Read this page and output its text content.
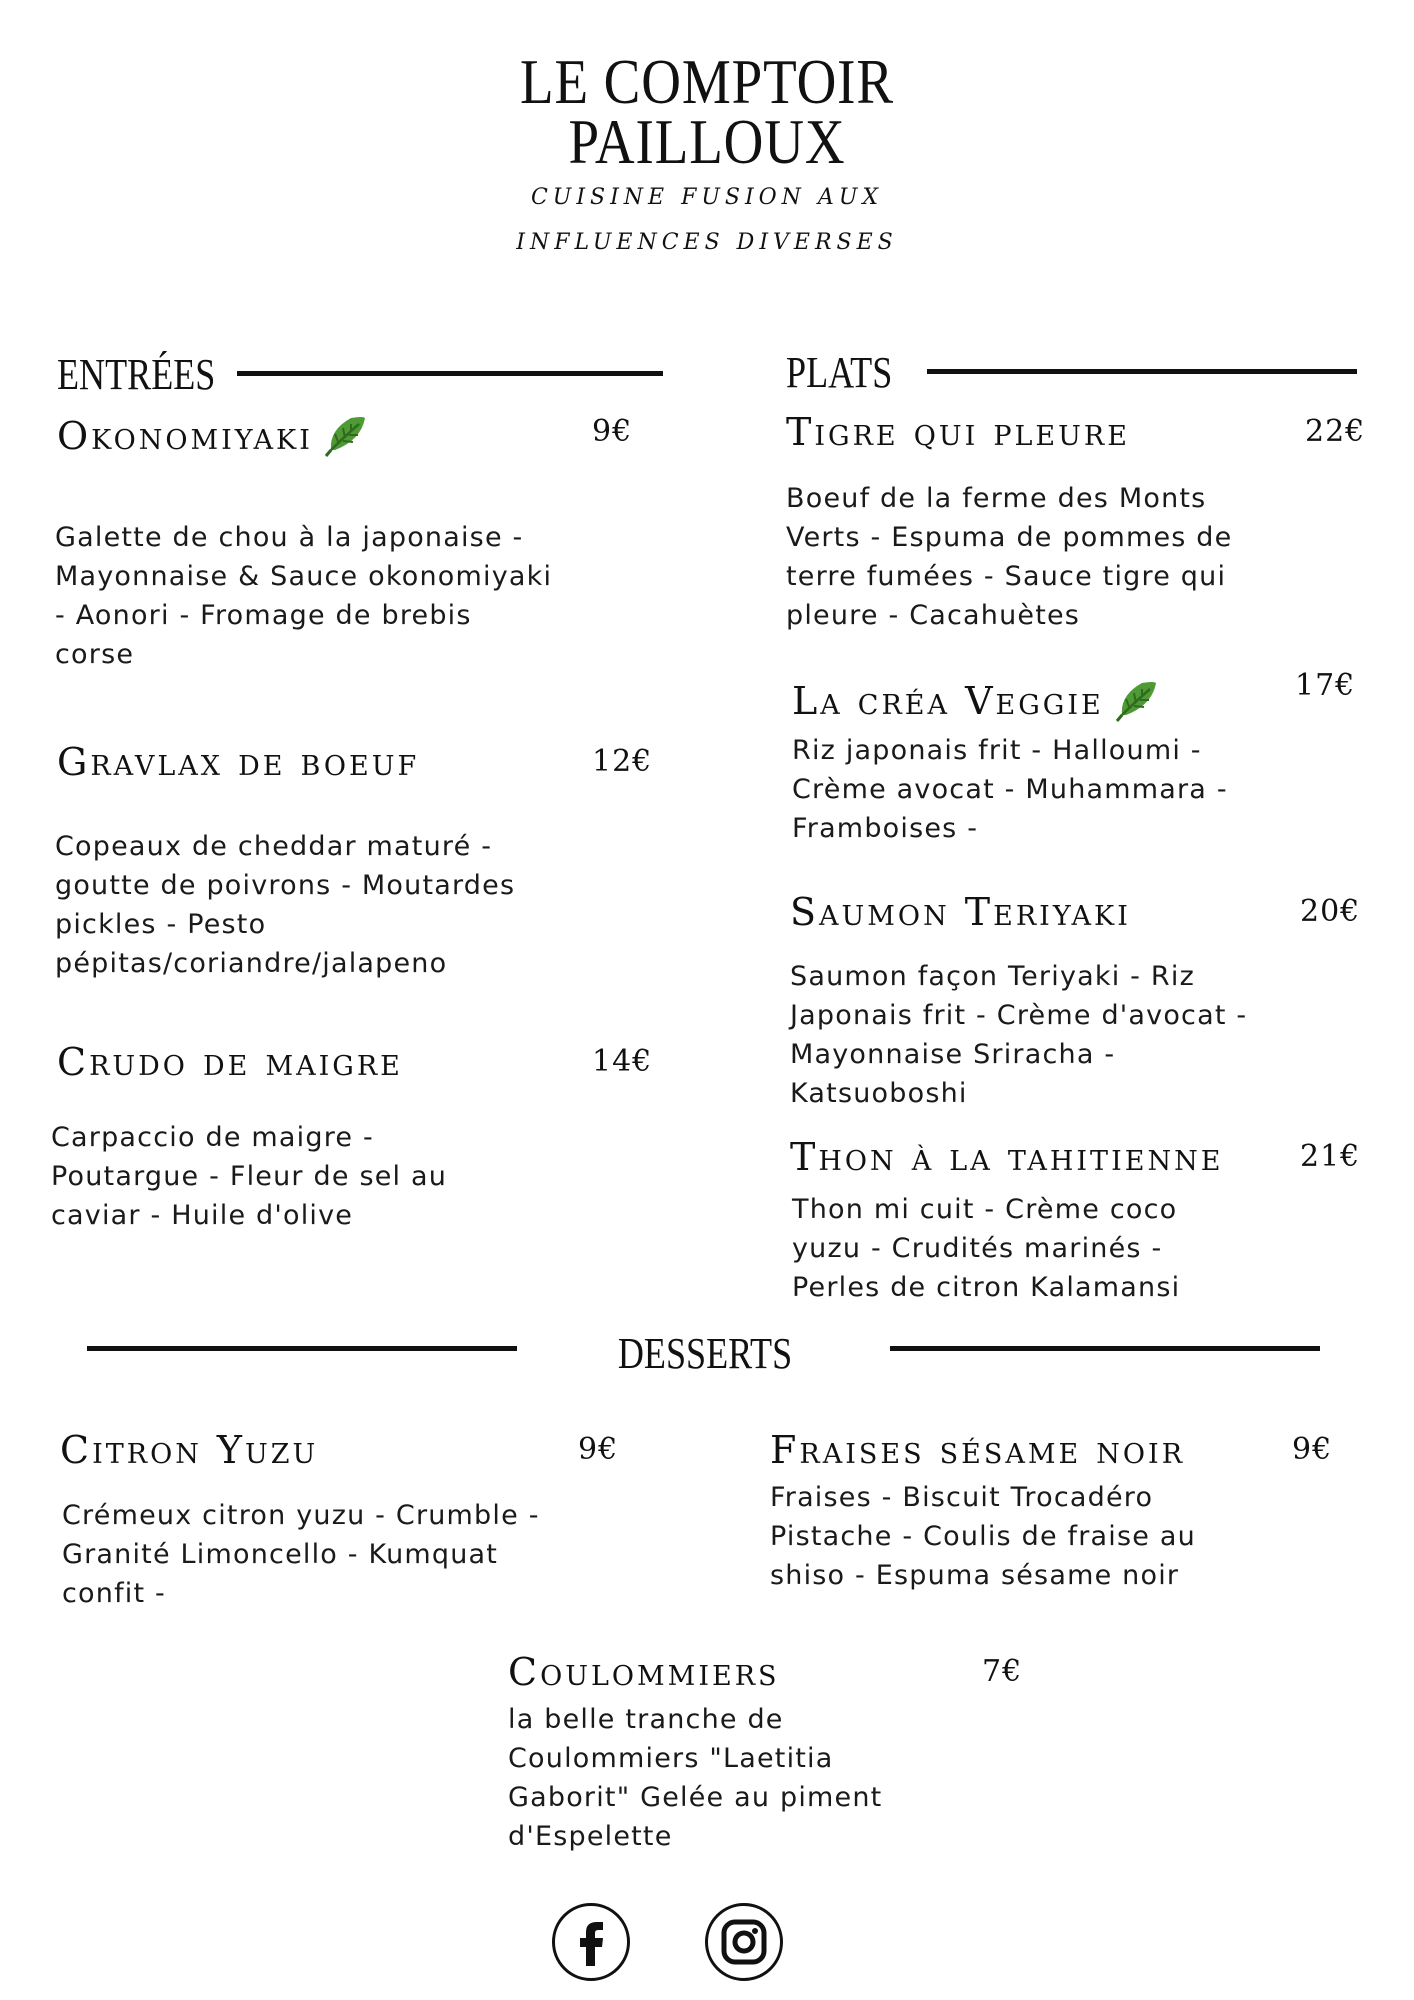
LE COMPTOIR
PAILLOUX
CUISINE FUSION AUX
INFLUENCES DIVERSES
ENTRÉES
Okonomiyaki	9€
Galette de chou à la japonaise - Mayonnaise & Sauce okonomiyaki - Aonori - Fromage de brebis corse
Gravlax de boeuf	12€
Copeaux de cheddar maturé - goutte de poivrons - Moutardes pickles - Pesto pépitas/coriandre/jalapeno
Crudo de maigre	14€
Carpaccio de maigre - Poutargue - Fleur de sel au caviar - Huile d'olive
PLATS
Tigre qui pleure	22€
Boeuf de la ferme des Monts Verts - Espuma de pommes de terre fumées - Sauce tigre qui pleure - Cacahuètes
La créa Veggie	17€
Riz japonais frit - Halloumi - Crème avocat - Muhammara - Framboises -
Saumon Teriyaki	20€
Saumon façon Teriyaki - Riz Japonais frit - Crème d'avocat - Mayonnaise Sriracha - Katsuoboshi
Thon à la tahitienne	21€
Thon mi cuit - Crème coco yuzu - Crudités marinés - Perles de citron Kalamansi
DESSERTS
Citron Yuzu	9€
Crémeux citron yuzu - Crumble - Granité Limoncello - Kumquat confit -
Fraises sésame noir	9€
Fraises - Biscuit Trocadéro Pistache - Coulis de fraise au shiso - Espuma sésame noir
Coulommiers	7€
la belle tranche de Coulommiers "Laetitia Gaborit" Gelée au piment d'Espelette
